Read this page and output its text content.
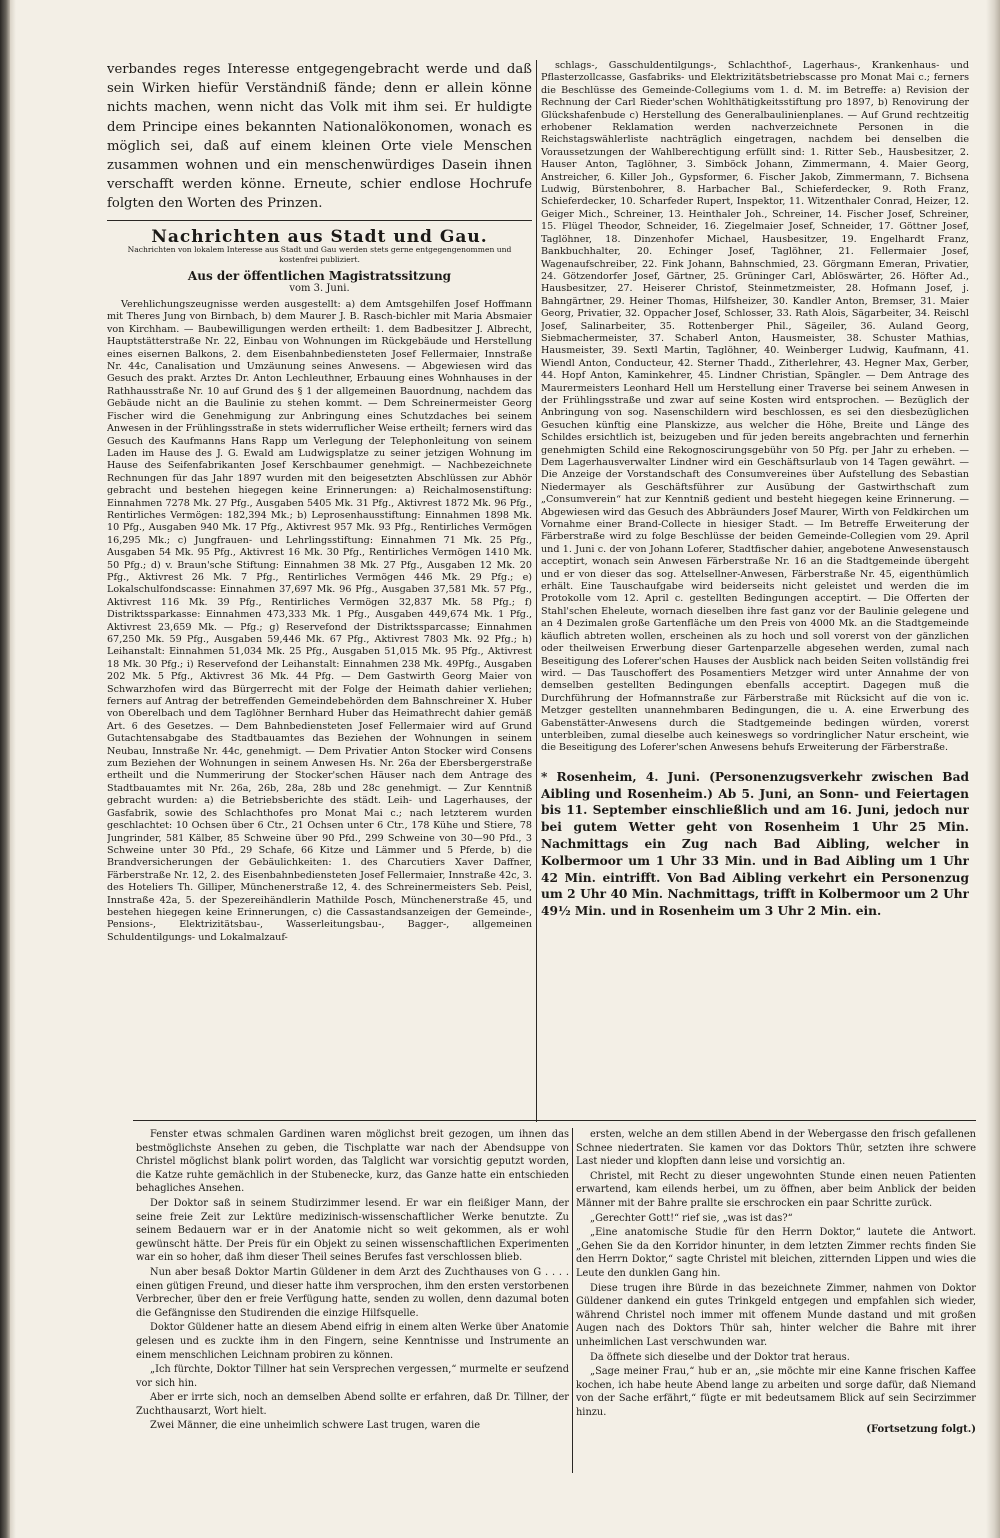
verbandes reges Interesse entgegengebracht werde und daß sein Wirken hiefür Verständniß fände; denn er allein könne nichts machen, wenn nicht das Volk mit ihm sei. Er huldigte dem Principe eines bekannten Nationalökonomen, wonach es möglich sei, daß auf einem kleinen Orte viele Menschen zusammen wohnen und ein menschenwürdiges Dasein ihnen verschafft werden könne. Erneute, schier endlose Hochrufe folgten den Worten des Prinzen.

Nachrichten aus Stadt und Gau.
Nachrichten von lokalem Interesse aus Stadt und Gau werden stets gerne entgegengenommen und kostenfrei publiziert.
Aus der öffentlichen Magistratssitzung
vom 3. Juni.

Verehlichungszeugnisse werden ausgestellt: a) dem Amtsgehilfen Josef Hoffmann mit Theres Jung von Birnbach, b) dem Maurer J. B. Rasch-bichler mit Maria Absmaier von Kirchham. — Baubewilligungen werden ertheilt: 1. dem Badbesitzer J. Albrecht, Hauptstätterstraße Nr. 22, Einbau von Wohnungen im Rückgebäude und Herstellung eines eisernen Balkons, 2. dem Eisenbahnbediensteten Josef Fellermaier, Innstraße Nr. 44c, Canalisation und Umzäunung seines Anwesens. — Abgewiesen wird das Gesuch des prakt. Arztes Dr. Anton Lechleuthner, Erbauung eines Wohnhauses in der Rathhausstraße Nr. 10 auf Grund des § 1 der allgemeinen Bauordnung, nachdem das Gebäude nicht an die Baulinie zu stehen kommt. — Dem Schreinermeister Georg Fischer wird die Genehmigung zur Anbringung eines Schutzdaches bei seinem Anwesen in der Frühlingsstraße in stets widerruflicher Weise ertheilt; ferners wird das Gesuch des Kaufmanns Hans Rapp um Verlegung der Telephonleitung von seinem Laden im Hause des J. G. Ewald am Ludwigsplatze zu seiner jetzigen Wohnung im Hause des Seifenfabrikanten Josef Kerschbaumer genehmigt. — Nachbezeichnete Rechnungen für das Jahr 1897 wurden mit den beigesetzten Abschlüssen zur Abhör gebracht und bestehen hiegegen keine Erinnerungen: a) Reichalmosenstiftung: Einnahmen 7278 Mk. 27 Pfg., Ausgaben 5405 Mk. 31 Pfg., Aktivrest 1872 Mk. 96 Pfg., Rentirliches Vermögen: 182,394 Mk.; b) Leprosenhausstiftung: Einnahmen 1898 Mk. 10 Pfg., Ausgaben 940 Mk. 17 Pfg., Aktivrest 957 Mk. 93 Pfg., Rentirliches Vermögen 16,295 Mk.; c) Jungfrauen- und Lehrlingsstiftung: Einnahmen 71 Mk. 25 Pfg., Ausgaben 54 Mk. 95 Pfg., Aktivrest 16 Mk. 30 Pfg., Rentirliches Vermögen 1410 Mk. 50 Pfg.; d) v. Braun'sche Stiftung: Einnahmen 38 Mk. 27 Pfg., Ausgaben 12 Mk. 20 Pfg., Aktivrest 26 Mk. 7 Pfg., Rentirliches Vermögen 446 Mk. 29 Pfg.; e) Lokalschulfondscasse: Einnahmen 37,697 Mk. 96 Pfg., Ausgaben 37,581 Mk. 57 Pfg., Aktivrest 116 Mk. 39 Pfg., Rentirliches Vermögen 32,837 Mk. 58 Pfg.; f) Distriktssparkasse: Einnahmen 473,333 Mk. 1 Pfg., Ausgaben 449,674 Mk. 1 Pfg., Aktivrest 23,659 Mk. — Pfg.; g) Reservefond der Distriktssparcasse; Einnahmen 67,250 Mk. 59 Pfg., Ausgaben 59,446 Mk. 67 Pfg., Aktivrest 7803 Mk. 92 Pfg.; h) Leihanstalt: Einnahmen 51,034 Mk. 25 Pfg., Ausgaben 51,015 Mk. 95 Pfg., Aktivrest 18 Mk. 30 Pfg.; i) Reservefond der Leihanstalt: Einnahmen 238 Mk. 49Pfg., Ausgaben 202 Mk. 5 Pfg., Aktivrest 36 Mk. 44 Pfg. — Dem Gastwirth Georg Maier von Schwarzhofen wird das Bürgerrecht mit der Folge der Heimath dahier verliehen; ferners auf Antrag der betreffenden Gemeindebehörden dem Bahnschreiner X. Huber von Oberelbach und dem Taglöhner Bernhard Huber das Heimathrecht dahier gemäß Art. 6 des Gesetzes. — Dem Bahnbediensteten Josef Fellermaier wird auf Grund Gutachtensabgabe des Stadtbauamtes das Beziehen der Wohnungen in seinem Neubau, Innstraße Nr. 44c, genehmigt. — Dem Privatier Anton Stocker wird Consens zum Beziehen der Wohnungen in seinem Anwesen Hs. Nr. 26a der Ebersbergerstraße ertheilt und die Nummerirung der Stocker'schen Häuser nach dem Antrage des Stadtbauamtes mit Nr. 26a, 26b, 28a, 28b und 28c genehmigt. — Zur Kenntniß gebracht wurden: a) die Betriebsberichte des städt. Leih- und Lagerhauses, der Gasfabrik, sowie des Schlachthofes pro Monat Mai c.; nach letzterem wurden geschlachtet: 10 Ochsen über 6 Ctr., 21 Ochsen unter 6 Ctr., 178 Kühe und Stiere, 78 Jungrinder, 581 Kälber, 85 Schweine über 90 Pfd., 299 Schweine von 30—90 Pfd., 3 Schweine unter 30 Pfd., 29 Schafe, 66 Kitze und Lämmer und 5 Pferde, b) die Brandversicherungen der Gebäulichkeiten: 1. des Charcutiers Xaver Daffner, Färberstraße Nr. 12, 2. des Eisenbahnbediensteten Josef Fellermaier, Innstraße 42c, 3. des Hoteliers Th. Gilliper, Münchenerstraße 12, 4. des Schreinermeisters Seb. Peisl, Innstraße 42a, 5. der Spezereihändlerin Mathilde Posch, Münchenerstraße 45, und bestehen hiegegen keine Erinnerungen, c) die Cassastandsanzeigen der Gemeinde-, Pensions-, Elektrizitätsbau-, Wasserleitungsbau-, Bagger-, allgemeinen Schuldentilgungs- und Lokalmalzauf-

schlags-, Gasschuldentilgungs-, Schlachthof-, Lagerhaus-, Krankenhaus- und Pflasterzollcasse, Gasfabriks- und Elektrizitätsbetriebscasse pro Monat Mai c.; ferners die Beschlüsse des Gemeinde-Collegiums vom 1. d. M. im Betreffe: a) Revision der Rechnung der Carl Rieder'schen Wohlthätigkeitsstiftung pro 1897, b) Renovirung der Glückshafenbude c) Herstellung des Generalbaulinienplanes. — Auf Grund rechtzeitig erhobener Reklamation werden nachverzeichnete Personen in die Reichstagswählerliste nachträglich eingetragen, nachdem bei denselben die Voraussetzungen der Wahlberechtigung erfüllt sind: 1. Ritter Seb., Hausbesitzer, 2. Hauser Anton, Taglöhner, 3. Simböck Johann, Zimmermann, 4. Maier Georg, Anstreicher, 6. Killer Joh., Gypsformer, 6. Fischer Jakob, Zimmermann, 7. Bichsena Ludwig, Bürstenbohrer, 8. Harbacher Bal., Schieferdecker, 9. Roth Franz, Schieferdecker, 10. Scharfeder Rupert, Inspektor, 11. Witzenthaler Conrad, Heizer, 12. Geiger Mich., Schreiner, 13. Heinthaler Joh., Schreiner, 14. Fischer Josef, Schreiner, 15. Flügel Theodor, Schneider, 16. Ziegelmaier Josef, Schneider, 17. Göttner Josef, Taglöhner, 18. Dinzenhofer Michael, Hausbesitzer, 19. Engelhardt Franz, Bankbuchhalter, 20. Echinger Josef, Taglöhner, 21. Fellermaier Josef, Wagenaufschreiber, 22. Fink Johann, Bahnschmied, 23. Görgmann Emeran, Privatier, 24. Götzendorfer Josef, Gärtner, 25. Grüninger Carl, Ablöswärter, 26. Höfter Ad., Hausbesitzer, 27. Heiserer Christof, Steinmetzmeister, 28. Hofmann Josef, j. Bahngärtner, 29. Heiner Thomas, Hilfsheizer, 30. Kandler Anton, Bremser, 31. Maier Georg, Privatier, 32. Oppacher Josef, Schlosser, 33. Rath Alois, Sägarbeiter, 34. Reischl Josef, Salinarbeiter, 35. Rottenberger Phil., Sägeiler, 36. Auland Georg, Siebmachermeister, 37. Schaberl Anton, Hausmeister, 38. Schuster Mathias, Hausmeister, 39. Sextl Martin, Taglöhner, 40. Weinberger Ludwig, Kaufmann, 41. Wiendl Anton, Conducteur, 42. Sterner Thadd., Zitherlehrer, 43. Hegner Max, Gerber, 44. Hopf Anton, Kaminkehrer, 45. Lindner Christian, Spängler. — Dem Antrage des Maurermeisters Leonhard Hell um Herstellung einer Traverse bei seinem Anwesen in der Frühlingsstraße und zwar auf seine Kosten wird entsprochen. — Bezüglich der Anbringung von sog. Nasenschildern wird beschlossen, es sei den diesbezüglichen Gesuchen künftig eine Planskizze, aus welcher die Höhe, Breite und Länge des Schildes ersichtlich ist, beizugeben und für jeden bereits angebrachten und fernerhin genehmigten Schild eine Rekognoscirungsgebühr von 50 Pfg. per Jahr zu erheben. — Dem Lagerhausverwalter Lindner wird ein Geschäftsurlaub von 14 Tagen gewährt. — Die Anzeige der Vorstandschaft des Consumvereines über Aufstellung des Sebastian Niedermayer als Geschäftsführer zur Ausübung der Gastwirthschaft zum „Consumverein“ hat zur Kenntniß gedient und besteht hiegegen keine Erinnerung. — Abgewiesen wird das Gesuch des Abbräunders Josef Maurer, Wirth von Feldkirchen um Vornahme einer Brand-Collecte in hiesiger Stadt. — Im Betreffe Erweiterung der Färberstraße wird zu folge Beschlüsse der beiden Gemeinde-Collegien vom 29. April und 1. Juni c. der von Johann Loferer, Stadtfischer dahier, angebotene Anwesenstausch acceptirt, wonach sein Anwesen Färberstraße Nr. 16 an die Stadtgemeinde übergeht und er von dieser das sog. Attelsellner-Anwesen, Färberstraße Nr. 45, eigenthümlich erhält. Eine Tauschaufgabe wird beiderseits nicht geleistet und werden die im Protokolle vom 12. April c. gestellten Bedingungen acceptirt. — Die Offerten der Stahl'schen Eheleute, wornach dieselben ihre fast ganz vor der Baulinie gelegene und an 4 Dezimalen große Gartenfläche um den Preis von 4000 Mk. an die Stadtgemeinde käuflich abtreten wollen, erscheinen als zu hoch und soll vorerst von der gänzlichen oder theilweisen Erwerbung dieser Gartenparzelle abgesehen werden, zumal nach Beseitigung des Loferer'schen Hauses der Ausblick nach beiden Seiten vollständig frei wird. — Das Tauschoffert des Posamentiers Metzger wird unter Annahme der von demselben gestellten Bedingungen ebenfalls acceptirt. Dagegen muß die Durchführung der Hofmannstraße zur Färberstraße mit Rücksicht auf die von ic. Metzger gestellten unannehmbaren Bedingungen, die u. A. eine Erwerbung des Gabenstätter-Anwesens durch die Stadtgemeinde bedingen würden, vorerst unterbleiben, zumal dieselbe auch keineswegs so vordringlicher Natur erscheint, wie die Beseitigung des Loferer'schen Anwesens behufs Erweiterung der Färberstraße.

* Rosenheim, 4. Juni. (Personenzugsverkehr zwischen Bad Aibling und Rosenheim.) Ab 5. Juni, an Sonn- und Feiertagen bis 11. September einschließlich und am 16. Juni, jedoch nur bei gutem Wetter geht von Rosenheim 1 Uhr 25 Min. Nachmittags ein Zug nach Bad Aibling, welcher in Kolbermoor um 1 Uhr 33 Min. und in Bad Aibling um 1 Uhr 42 Min. eintrifft. Von Bad Aibling verkehrt ein Personenzug um 2 Uhr 40 Min. Nachmittags, trifft in Kolbermoor um 2 Uhr 49½ Min. und in Rosenheim um 3 Uhr 2 Min. ein.

Fenster etwas schmalen Gardinen waren möglichst breit gezogen, um ihnen das bestmöglichste Ansehen zu geben, die Tischplatte war nach der Abendsuppe von Christel möglichst blank polirt worden, das Talglicht war vorsichtig geputzt worden, die Katze ruhte gemächlich in der Stubenecke, kurz, das Ganze hatte ein entschieden behagliches Ansehen.

Der Doktor saß in seinem Studirzimmer lesend. Er war ein fleißiger Mann, der seine freie Zeit zur Lektüre medizinisch-wissenschaftlicher Werke benutzte. Zu seinem Bedauern war er in der Anatomie nicht so weit gekommen, als er wohl gewünscht hätte. Der Preis für ein Objekt zu seinen wissenschaftlichen Experimenten war ein so hoher, daß ihm dieser Theil seines Berufes fast verschlossen blieb.

Nun aber besaß Doktor Martin Güldener in dem Arzt des Zuchthauses von G . . . . einen gütigen Freund, und dieser hatte ihm versprochen, ihm den ersten verstorbenen Verbrecher, über den er freie Verfügung hatte, senden zu wollen, denn dazumal boten die Gefängnisse den Studirenden die einzige Hilfsquelle.

Doktor Güldener hatte an diesem Abend eifrig in einem alten Werke über Anatomie gelesen und es zuckte ihm in den Fingern, seine Kenntnisse und Instrumente an einem menschlichen Leichnam probiren zu können.

„Ich fürchte, Doktor Tillner hat sein Versprechen vergessen,“ murmelte er seufzend vor sich hin.

Aber er irrte sich, noch an demselben Abend sollte er erfahren, daß Dr. Tillner, der Zuchthausarzt, Wort hielt.

Zwei Männer, die eine unheimlich schwere Last trugen, waren die

ersten, welche an dem stillen Abend in der Webergasse den frisch gefallenen Schnee niedertraten. Sie kamen vor das Doktors Thür, setzten ihre schwere Last nieder und klopften dann leise und vorsichtig an.

Christel, mit Recht zu dieser ungewohnten Stunde einen neuen Patienten erwartend, kam eilends herbei, um zu öffnen, aber beim Anblick der beiden Männer mit der Bahre prallte sie erschrocken ein paar Schritte zurück.

„Gerechter Gott!“ rief sie, „was ist das?“

„Eine anatomische Studie für den Herrn Doktor,“ lautete die Antwort. „Gehen Sie da den Korridor hinunter, in dem letzten Zimmer rechts finden Sie den Herrn Doktor,“ sagte Christel mit bleichen, zitternden Lippen und wies die Leute den dunklen Gang hin.

Diese trugen ihre Bürde in das bezeichnete Zimmer, nahmen von Doktor Güldener dankend ein gutes Trinkgeld entgegen und empfahlen sich wieder, während Christel noch immer mit offenem Munde dastand und mit großen Augen nach des Doktors Thür sah, hinter welcher die Bahre mit ihrer unheimlichen Last verschwunden war.

Da öffnete sich dieselbe und der Doktor trat heraus.

„Sage meiner Frau,“ hub er an, „sie möchte mir eine Kanne frischen Kaffee kochen, ich habe heute Abend lange zu arbeiten und sorge dafür, daß Niemand von der Sache erfährt,“ fügte er mit bedeutsamem Blick auf sein Secirzimmer hinzu.

(Fortsetzung folgt.)
